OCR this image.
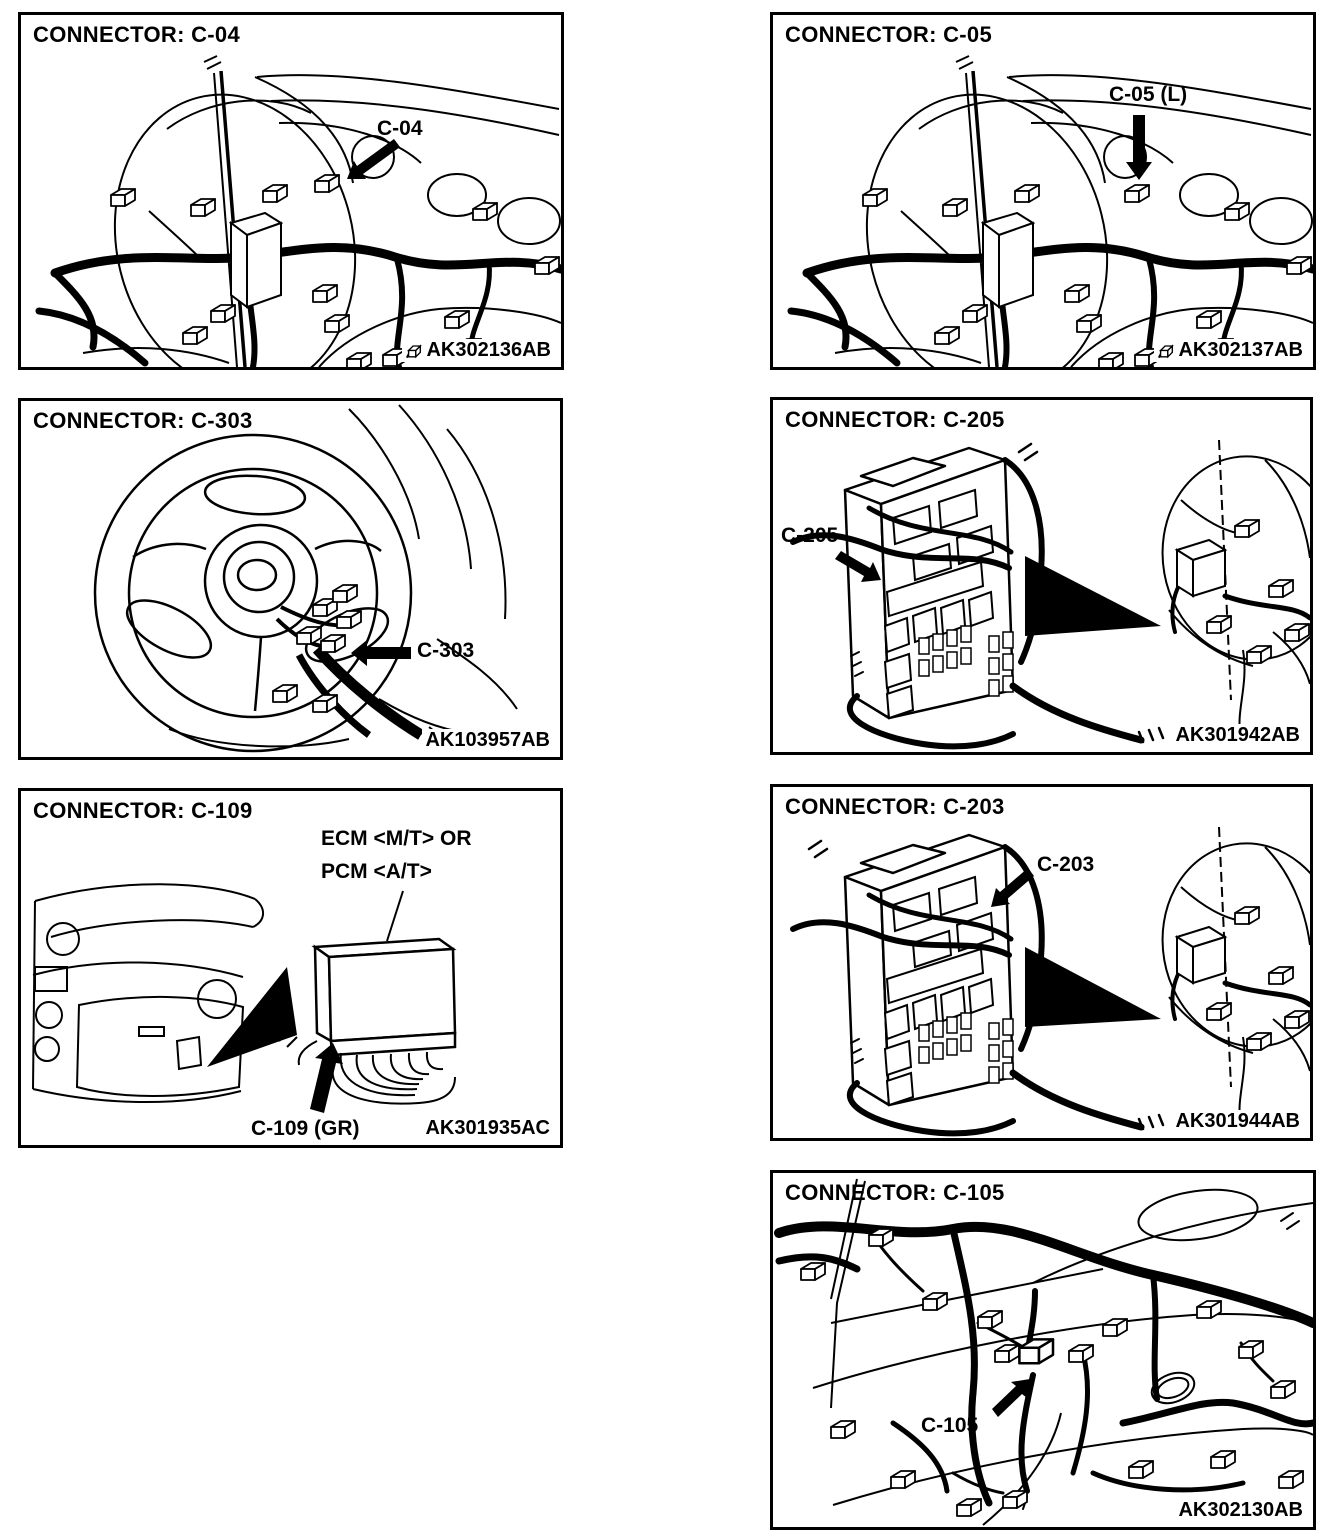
CONNECTOR: C-04
C-04
AK302136AB
CONNECTOR: C-05
C-05 (L)
AK302137AB
CONNECTOR: C-303
C-303
AK103957AB
CONNECTOR: C-205
C-205
AK301942AB
CONNECTOR: C-109
ECM <M/T> OR
PCM <A/T>
C-109 (GR)	AK301935AC
CONNECTOR: C-203
C-203
AK301944AB
CONNECTOR: C-105
C-105
AK302130AB
